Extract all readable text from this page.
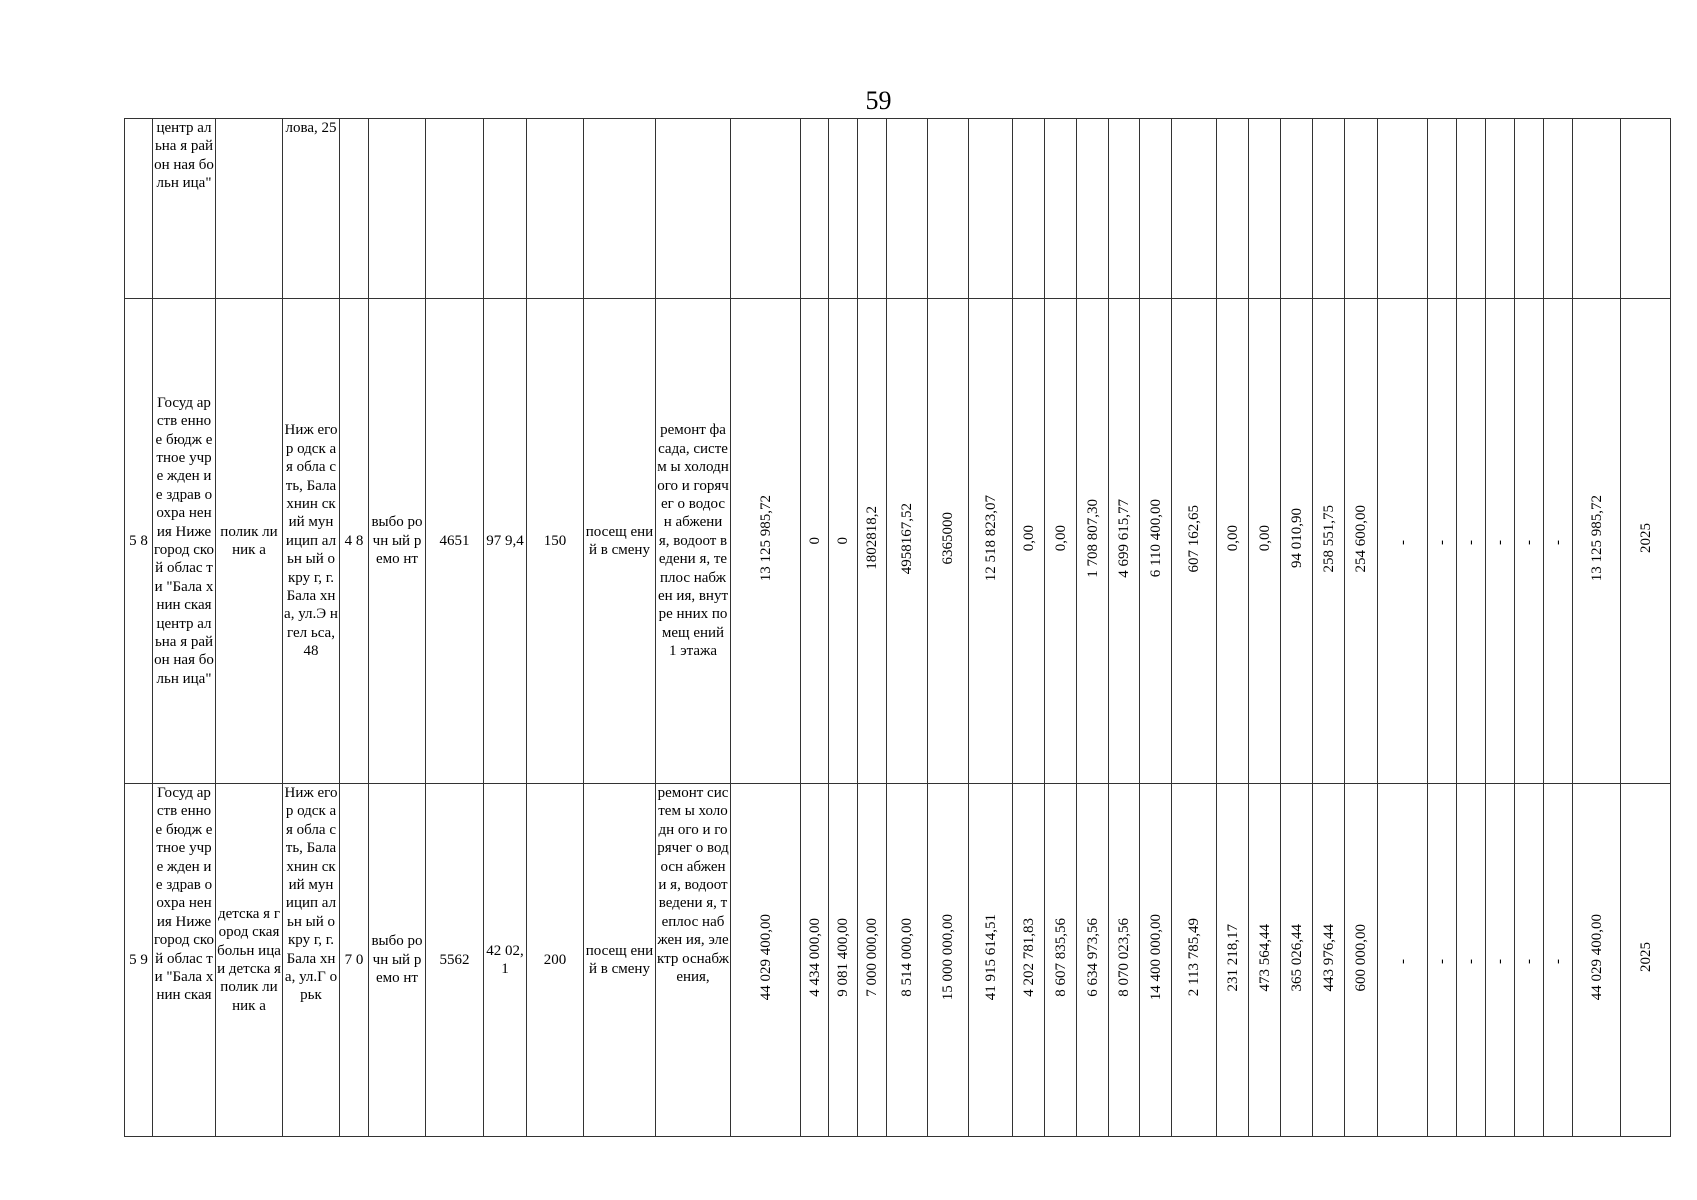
59
	центр альна я район ная больн ица"		лова, 25																																	
5 8	Госуд арств енное бюдж етное учре жден ие здрав оохра нения Ниже город ской облас ти "Бала хнин ская центр альна я район ная больн ица"	полик линик а	Ниж егор одск ая обла сть, Бала хнин ский мун ицип альн ый окру г, г. Бала хна, ул.Э нгел ьса, 48	4 8	выбо рочн ый ремо нт	4651	97 9,4	150	посещ ений в смену	ремонт фасада, систем ы холодн ого и горячег о водосн абжени я, водоот ведени я, теплос набжен ия, внутре нних помещ ений 1 этажа	13 125 985,72	0	0	1802818,2	4958167,52	6365000	12 518 823,07	0,00	0,00	1 708 807,30	4 699 615,77	6 110 400,00	607 162,65	0,00	0,00	94 010,90	258 551,75	254 600,00	-	-	-	-	-	-	13 125 985,72	2025
5 9	Госуд арств енное бюдж етное учре жден ие здрав оохра нения Ниже город ской облас ти "Бала хнин ская	детска я город ская больн ица и детска я полик линик а	Ниж егор одск ая обла сть, Бала хнин ский мун ицип альн ый окру г, г. Бала хна, ул.Г орьк	7 0	выбо рочн ый ремо нт	5562	42 02, 1	200	посещ ений в смену	ремонт систем ы холодн ого и горячег о водосн абжени я, водоот ведени я, теплос набжен ия, электр оснабж ения,	44 029 400,00	4 434 000,00	9 081 400,00	7 000 000,00	8 514 000,00	15 000 000,00	41 915 614,51	4 202 781,83	8 607 835,56	6 634 973,56	8 070 023,56	14 400 000,00	2 113 785,49	231 218,17	473 564,44	365 026,44	443 976,44	600 000,00	-	-	-	-	-	-	44 029 400,00	2025
